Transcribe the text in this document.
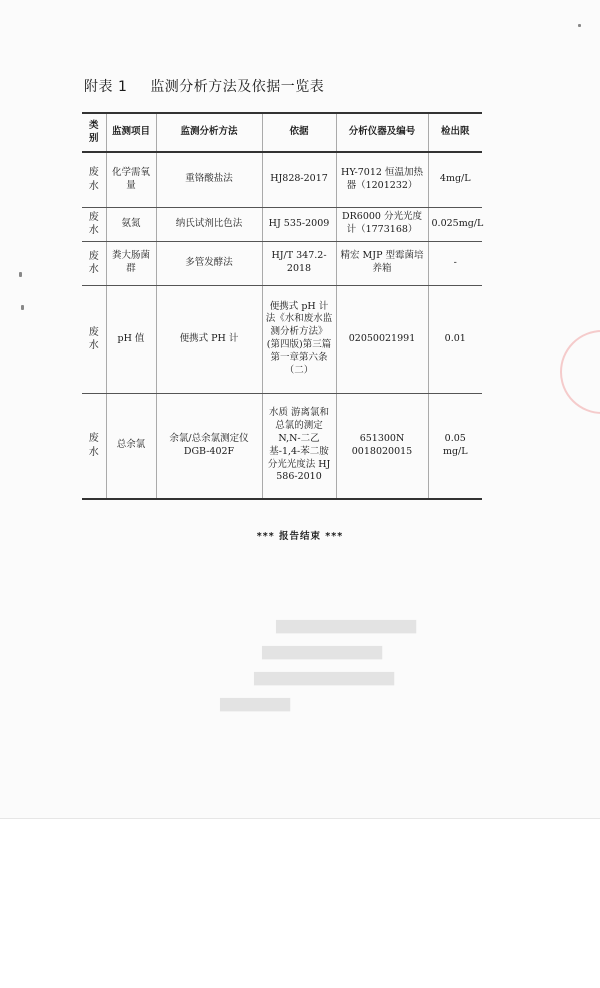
附表 1 监测分析方法及依据一览表
类别	监测项目	监测分析方法	依据	分析仪器及编号	检出限
废水	化学需氧量	重铬酸盐法	HJ828-2017	HY-7012 恒温加热器（1201232）	4mg/L
废水	氨氮	纳氏试剂比色法	HJ 535-2009	DR6000 分光光度计（1773168）	0.025mg/L
废水	粪大肠菌群	多管发酵法	HJ/T 347.2-2018	精宏 MJP 型霉菌培养箱	-
废水	pH 值	便携式 PH 计	便携式 pH 计法《水和废水监测分析方法》(第四版)第三篇第一章第六条（二）	02050021991	0.01
废水	总余氯	余氯/总余氯测定仪 DGB-402F	水质 游离氯和总氯的测定 N,N-二乙基-1,4-苯二胺分光光度法 HJ 586-2010	651300N 0018020015	0.05 mg/L
*** 报告结束 ***
▇▇▇▇▇▇▇▇▇▇▇▇▇▇
▇▇▇▇▇▇▇▇▇▇▇▇
▇▇▇▇▇▇▇▇▇▇▇▇▇▇
▇▇▇▇▇▇▇
